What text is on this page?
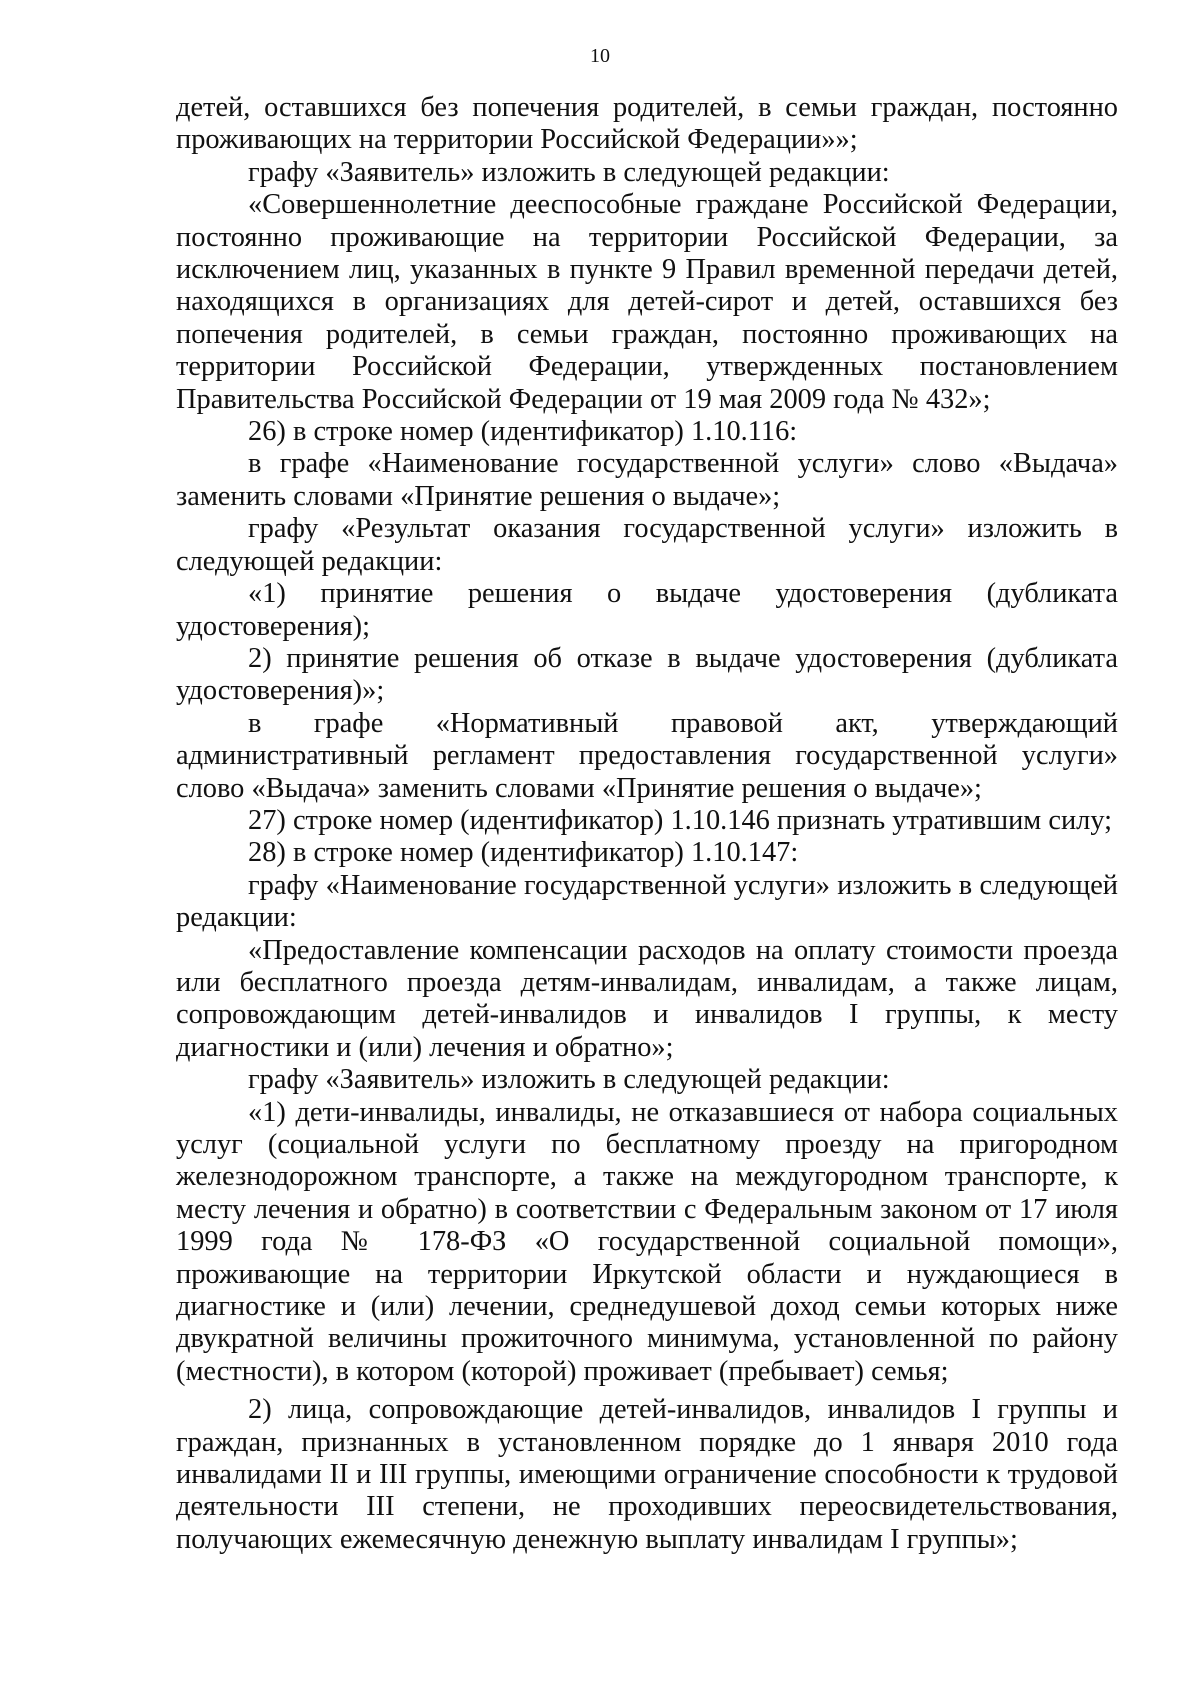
10

детей, оставшихся без попечения родителей, в семьи граждан, постоянно проживающих на территории Российской Федерации»»;

графу «Заявитель» изложить в следующей редакции:

«Совершеннолетние дееспособные граждане Российской Федерации, постоянно проживающие на территории Российской Федерации, за исключением лиц, указанных в пункте 9 Правил временной передачи детей, находящихся в организациях для детей-сирот и детей, оставшихся без попечения родителей, в семьи граждан, постоянно проживающих на территории Российской Федерации, утвержденных постановлением Правительства Российской Федерации от 19 мая 2009 года № 432»;

26) в строке номер (идентификатор) 1.10.116:

в графе «Наименование государственной услуги» слово «Выдача» заменить словами «Принятие решения о выдаче»;

графу «Результат оказания государственной услуги» изложить в следующей редакции:

«1) принятие решения о выдаче удостоверения (дубликата удостоверения);

2) принятие решения об отказе в выдаче удостоверения (дубликата удостоверения)»;

в графе «Нормативный правовой акт, утверждающий административный регламент предоставления государственной услуги» слово «Выдача» заменить словами «Принятие решения о выдаче»;

27) строке номер (идентификатор) 1.10.146 признать утратившим силу;

28) в строке номер (идентификатор) 1.10.147:

графу «Наименование государственной услуги» изложить в следующей редакции:

«Предоставление компенсации расходов на оплату стоимости проезда или бесплатного проезда детям-инвалидам, инвалидам, а также лицам, сопровождающим детей-инвалидов и инвалидов I группы, к месту диагностики и (или) лечения и обратно»;

графу «Заявитель» изложить в следующей редакции:

«1) дети-инвалиды, инвалиды, не отказавшиеся от набора социальных услуг (социальной услуги по бесплатному проезду на пригородном железнодорожном транспорте, а также на междугородном транспорте, к месту лечения и обратно) в соответствии с Федеральным законом от 17 июля 1999 года № 178-ФЗ «О государственной социальной помощи», проживающие на территории Иркутской области и нуждающиеся в диагностике и (или) лечении, среднедушевой доход семьи которых ниже двукратной величины прожиточного минимума, установленной по району (местности), в котором (которой) проживает (пребывает) семья;

2) лица, сопровождающие детей-инвалидов, инвалидов I группы и граждан, признанных в установленном порядке до 1 января 2010 года инвалидами II и III группы, имеющими ограничение способности к трудовой деятельности III степени, не проходивших переосвидетельствования, получающих ежемесячную денежную выплату инвалидам I группы»;
